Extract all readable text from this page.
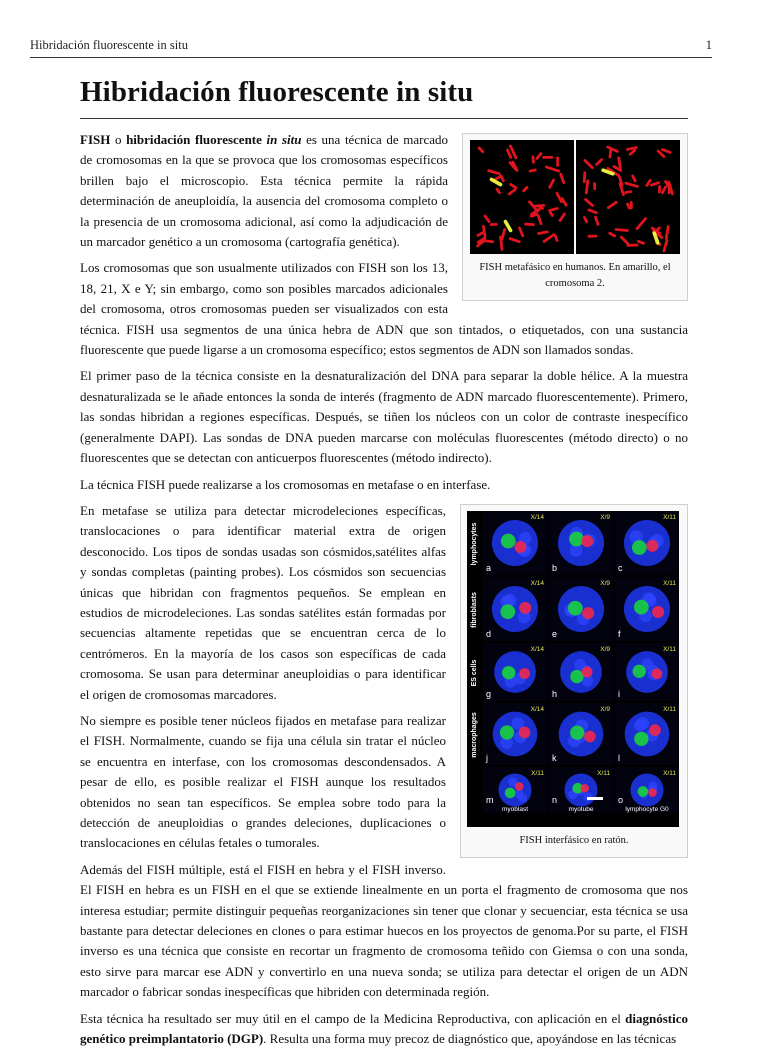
Hibridación fluorescente in situ	1
Hibridación fluorescente in situ
FISH metafásico en humanos. En amarillo, el cromosoma 2.

FISH o hibridación fluorescente in situ es una técnica de marcado de cromosomas en la que se provoca que los cromosomas específicos brillen bajo el microscopio. Esta técnica permite la rápida determinación de aneuploidía, la ausencia del cromosoma completo o la presencia de un cromosoma adicional, así como la adjudicación de un marcador genético a un cromosoma (cartografía genética).

Los cromosomas que son usualmente utilizados con FISH son los 13, 18, 21, X e Y; sin embargo, como son posibles marcados adicionales del cromosoma, otros cromosomas pueden ser visualizados con esta técnica. FISH usa segmentos de una única hebra de ADN que son tintados, o etiquetados, con una sustancia fluorescente que puede ligarse a un cromosoma específico; estos segmentos de ADN son llamados sondas.

El primer paso de la técnica consiste en la desnaturalización del DNA para separar la doble hélice. A la muestra desnaturalizada se le añade entonces la sonda de interés (fragmento de ADN marcado fluorescentemente). Primero, las sondas hibridan a regiones específicas. Después, se tiñen los núcleos con un color de contraste inespecífico (generalmente DAPI). Las sondas de DNA pueden marcarse con moléculas fluorescentes (método directo) o no fluorescentes que se detectan con anticuerpos fluorescentes (método indirecto).

La técnica FISH puede realizarse a los cromosomas en metafase o en interfase.

lymphocytes
X/14
a
X/9
b
X/11
c
fibroblasts
X/14
d
X/9
e
X/11
f
ES cells
X/14
g
X/9
h
X/11
i
macrophages
X/14
j
X/9
k
X/11
l
X/11
m
myoblast
X/11
n
myotube
X/11
o
lymphocyte G0
FISH interfásico en ratón.

En metafase se utiliza para detectar microdeleciones específicas, translocaciones o para identificar material extra de origen desconocido. Los tipos de sondas usadas son cósmidos,satélites alfas y sondas completas (painting probes). Los cósmidos son secuencias únicas que hibridan con fragmentos pequeños. Se emplean en estudios de microdeleciones. Las sondas satélites están formadas por secuencias altamente repetidas que se encuentran cerca de lo centrómeros. En la mayoría de los casos son específicas de cada cromosoma. Se usan para determinar aneuploidias o para identificar el origen de cromosomas marcadores.

No siempre es posible tener núcleos fijados en metafase para realizar el FISH. Normalmente, cuando se fija una célula sin tratar el núcleo se encuentra en interfase, con los cromosomas descondensados. A pesar de ello, es posible realizar el FISH aunque los resultados obtenidos no sean tan específicos. Se emplea sobre todo para la detección de aneuploidias o grandes deleciones, duplicaciones o translocaciones en células fetales o tumorales.

Además del FISH múltiple, está el FISH en hebra y el FISH inverso. El FISH en hebra es un FISH en el que se extiende linealmente en un porta el fragmento de cromosoma que nos interesa estudiar; permite distinguir pequeñas reorganizaciones sin tener que clonar y secuenciar, esta técnica se usa bastante para detectar deleciones en clones o para estimar huecos en los proyectos de genoma.Por su parte, el FISH inverso es una técnica que consiste en recortar un fragmento de cromosoma teñido con Giemsa o con una sonda, esto sirve para marcar ese ADN y convertirlo en una nueva sonda; se utiliza para detectar el origen de un ADN marcador o fabricar sondas inespecíficas que hibriden con determinada región.

Esta técnica ha resultado ser muy útil en el campo de la Medicina Reproductiva, con aplicación en el diagnóstico genético preimplantatorio (DGP). Resulta una forma muy precoz de diagnóstico que, apoyándose en las técnicas
